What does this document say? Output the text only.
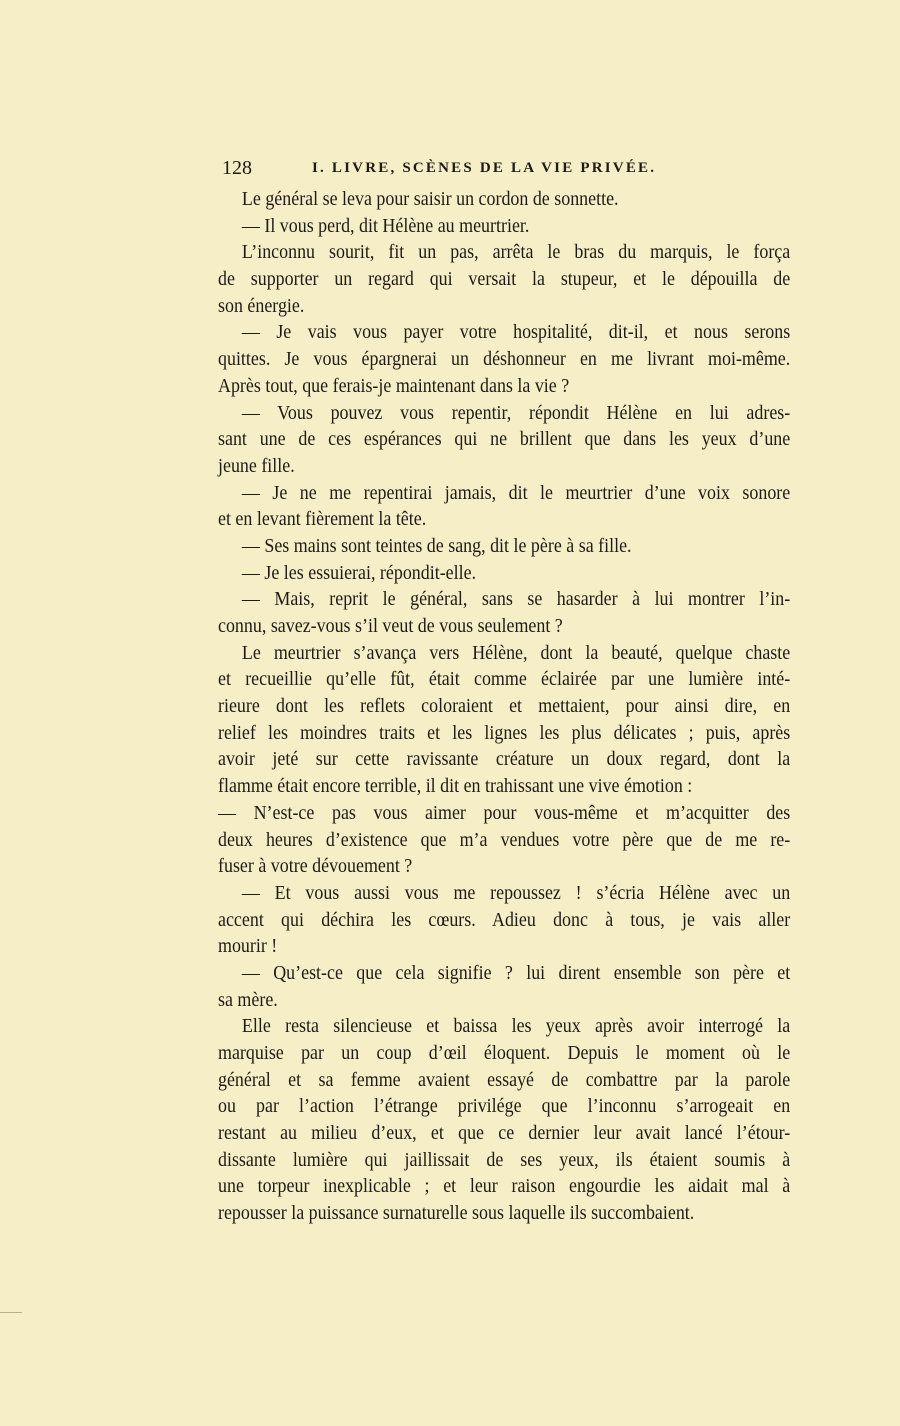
128	I. LIVRE, SCÈNES DE LA VIE PRIVÉE.
Le général se leva pour saisir un cordon de sonnette.
— Il vous perd, dit Hélène au meurtrier.
L’inconnu sourit, fit un pas, arrêta le bras du marquis, le força
de supporter un regard qui versait la stupeur, et le dépouilla de
son énergie.
— Je vais vous payer votre hospitalité, dit-il, et nous serons
quittes. Je vous épargnerai un déshonneur en me livrant moi-même.
Après tout, que ferais-je maintenant dans la vie ?
— Vous pouvez vous repentir, répondit Hélène en lui adres-
sant une de ces espérances qui ne brillent que dans les yeux d’une
jeune fille.
— Je ne me repentirai jamais, dit le meurtrier d’une voix sonore
et en levant fièrement la tête.
— Ses mains sont teintes de sang, dit le père à sa fille.
— Je les essuierai, répondit-elle.
— Mais, reprit le général, sans se hasarder à lui montrer l’in-
connu, savez-vous s’il veut de vous seulement ?
Le meurtrier s’avança vers Hélène, dont la beauté, quelque chaste
et recueillie qu’elle fût, était comme éclairée par une lumière inté-
rieure dont les reflets coloraient et mettaient, pour ainsi dire, en
relief les moindres traits et les lignes les plus délicates ; puis, après
avoir jeté sur cette ravissante créature un doux regard, dont la
flamme était encore terrible, il dit en trahissant une vive émotion :
— N’est-ce pas vous aimer pour vous-même et m’acquitter des
deux heures d’existence que m’a vendues votre père que de me re-
fuser à votre dévouement ?
— Et vous aussi vous me repoussez ! s’écria Hélène avec un
accent qui déchira les cœurs. Adieu donc à tous, je vais aller
mourir !
— Qu’est-ce que cela signifie ? lui dirent ensemble son père et
sa mère.
Elle resta silencieuse et baissa les yeux après avoir interrogé la
marquise par un coup d’œil éloquent. Depuis le moment où le
général et sa femme avaient essayé de combattre par la parole
ou par l’action l’étrange privilége que l’inconnu s’arrogeait en
restant au milieu d’eux, et que ce dernier leur avait lancé l’étour-
dissante lumière qui jaillissait de ses yeux, ils étaient soumis à
une torpeur inexplicable ; et leur raison engourdie les aidait mal à
repousser la puissance surnaturelle sous laquelle ils succombaient.
